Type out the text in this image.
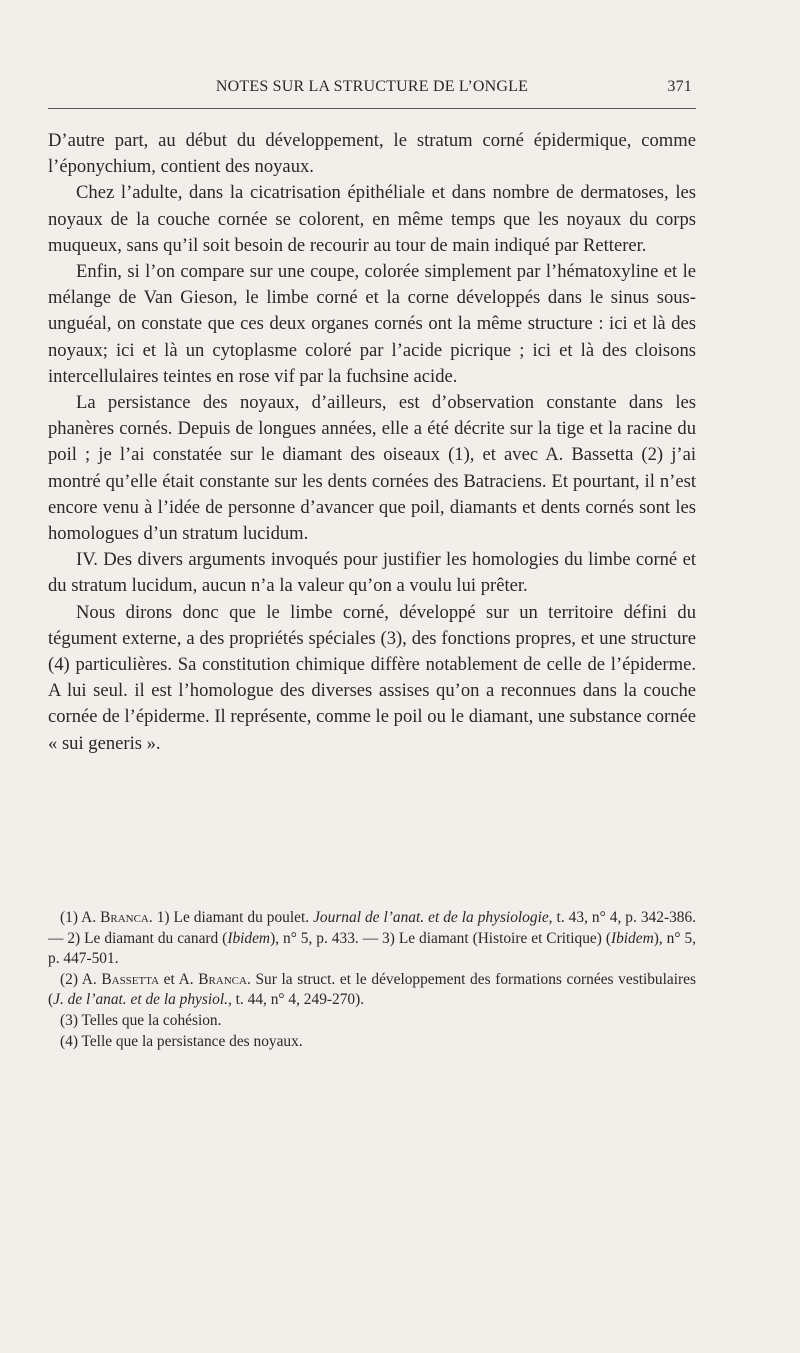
NOTES SUR LA STRUCTURE DE L’ONGLE	371

D’autre part, au début du développement, le stratum corné épidermique, comme l’éponychium, contient des noyaux.

Chez l’adulte, dans la cicatrisation épithéliale et dans nombre de dermatoses, les noyaux de la couche cornée se colorent, en même temps que les noyaux du corps muqueux, sans qu’il soit besoin de recourir au tour de main indiqué par Retterer.

Enfin, si l’on compare sur une coupe, colorée simplement par l’hématoxyline et le mélange de Van Gieson, le limbe corné et la corne développés dans le sinus sous-unguéal, on constate que ces deux organes cornés ont la même structure : ici et là des noyaux; ici et là un cytoplasme coloré par l’acide picrique ; ici et là des cloisons intercellulaires teintes en rose vif par la fuchsine acide.

La persistance des noyaux, d’ailleurs, est d’observation constante dans les phanères cornés. Depuis de longues années, elle a été décrite sur la tige et la racine du poil ; je l’ai constatée sur le diamant des oiseaux (1), et avec A. Bassetta (2) j’ai montré qu’elle était constante sur les dents cornées des Batraciens. Et pourtant, il n’est encore venu à l’idée de personne d’avancer que poil, diamants et dents cornés sont les homologues d’un stratum lucidum.

IV. Des divers arguments invoqués pour justifier les homologies du limbe corné et du stratum lucidum, aucun n’a la valeur qu’on a voulu lui prêter.

Nous dirons donc que le limbe corné, développé sur un territoire défini du tégument externe, a des propriétés spéciales (3), des fonctions propres, et une structure (4) particulières. Sa constitution chimique diffère notablement de celle de l’épiderme. A lui seul. il est l’homologue des diverses assises qu’on a reconnues dans la couche cornée de l’épiderme. Il représente, comme le poil ou le diamant, une substance cornée « sui generis ».

(1) A. Branca. 1) Le diamant du poulet. Journal de l’anat. et de la physiologie, t. 43, n° 4, p. 342-386. — 2) Le diamant du canard (Ibidem), n° 5, p. 433. — 3) Le diamant (Histoire et Critique) (Ibidem), n° 5, p. 447-501.

(2) A. Bassetta et A. Branca. Sur la struct. et le développement des formations cornées vestibulaires (J. de l’anat. et de la physiol., t. 44, n° 4, 249-270).

(3) Telles que la cohésion.

(4) Telle que la persistance des noyaux.
